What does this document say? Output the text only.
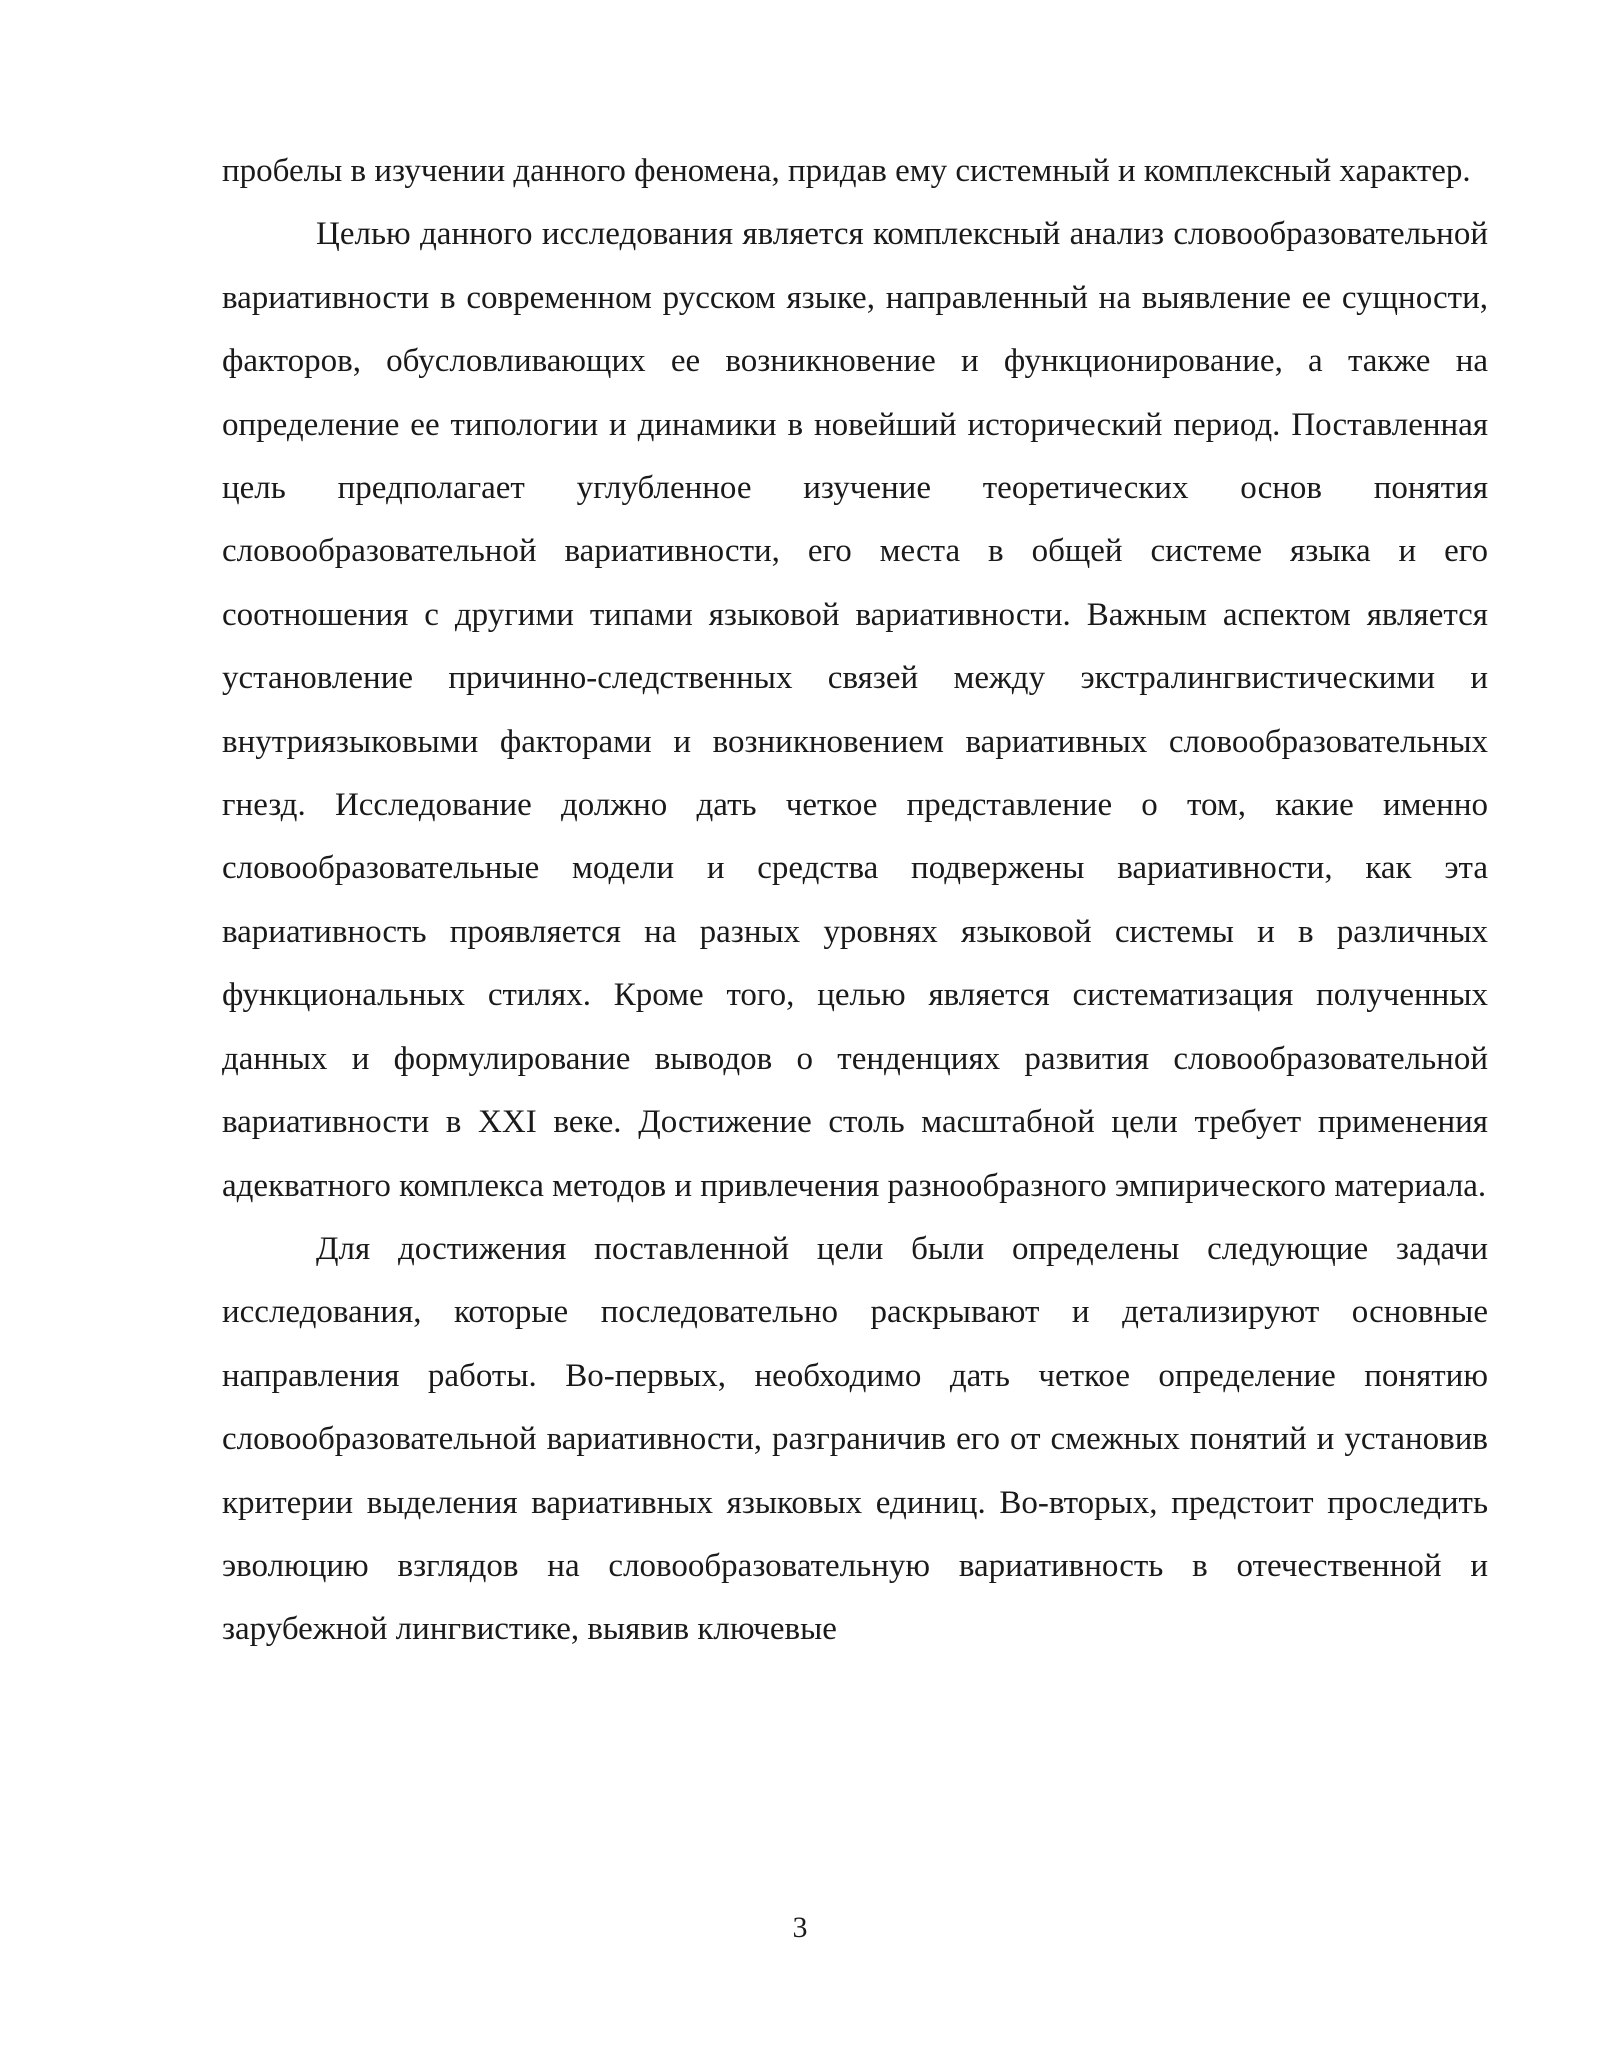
пробелы в изучении данного феномена, придав ему системный и комплексный характер.

Целью данного исследования является комплексный анализ словообразовательной вариативности в современном русском языке, направленный на выявление ее сущности, факторов, обусловливающих ее возникновение и функционирование, а также на определение ее типологии и динамики в новейший исторический период. Поставленная цель предполагает углубленное изучение теоретических основ понятия словообразовательной вариативности, его места в общей системе языка и его соотношения с другими типами языковой вариативности. Важным аспектом является установление причинно-следственных связей между экстралингвистическими и внутриязыковыми факторами и возникновением вариативных словообразовательных гнезд. Исследование должно дать четкое представление о том, какие именно словообразовательные модели и средства подвержены вариативности, как эта вариативность проявляется на разных уровнях языковой системы и в различных функциональных стилях. Кроме того, целью является систематизация полученных данных и формулирование выводов о тенденциях развития словообразовательной вариативности в XXI веке. Достижение столь масштабной цели требует применения адекватного комплекса методов и привлечения разнообразного эмпирического материала.

Для достижения поставленной цели были определены следующие задачи исследования, которые последовательно раскрывают и детализируют основные направления работы. Во-первых, необходимо дать четкое определение понятию словообразовательной вариативности, разграничив его от смежных понятий и установив критерии выделения вариативных языковых единиц. Во-вторых, предстоит проследить эволюцию взглядов на словообразовательную вариативность в отечественной и зарубежной лингвистике, выявив ключевые

3
